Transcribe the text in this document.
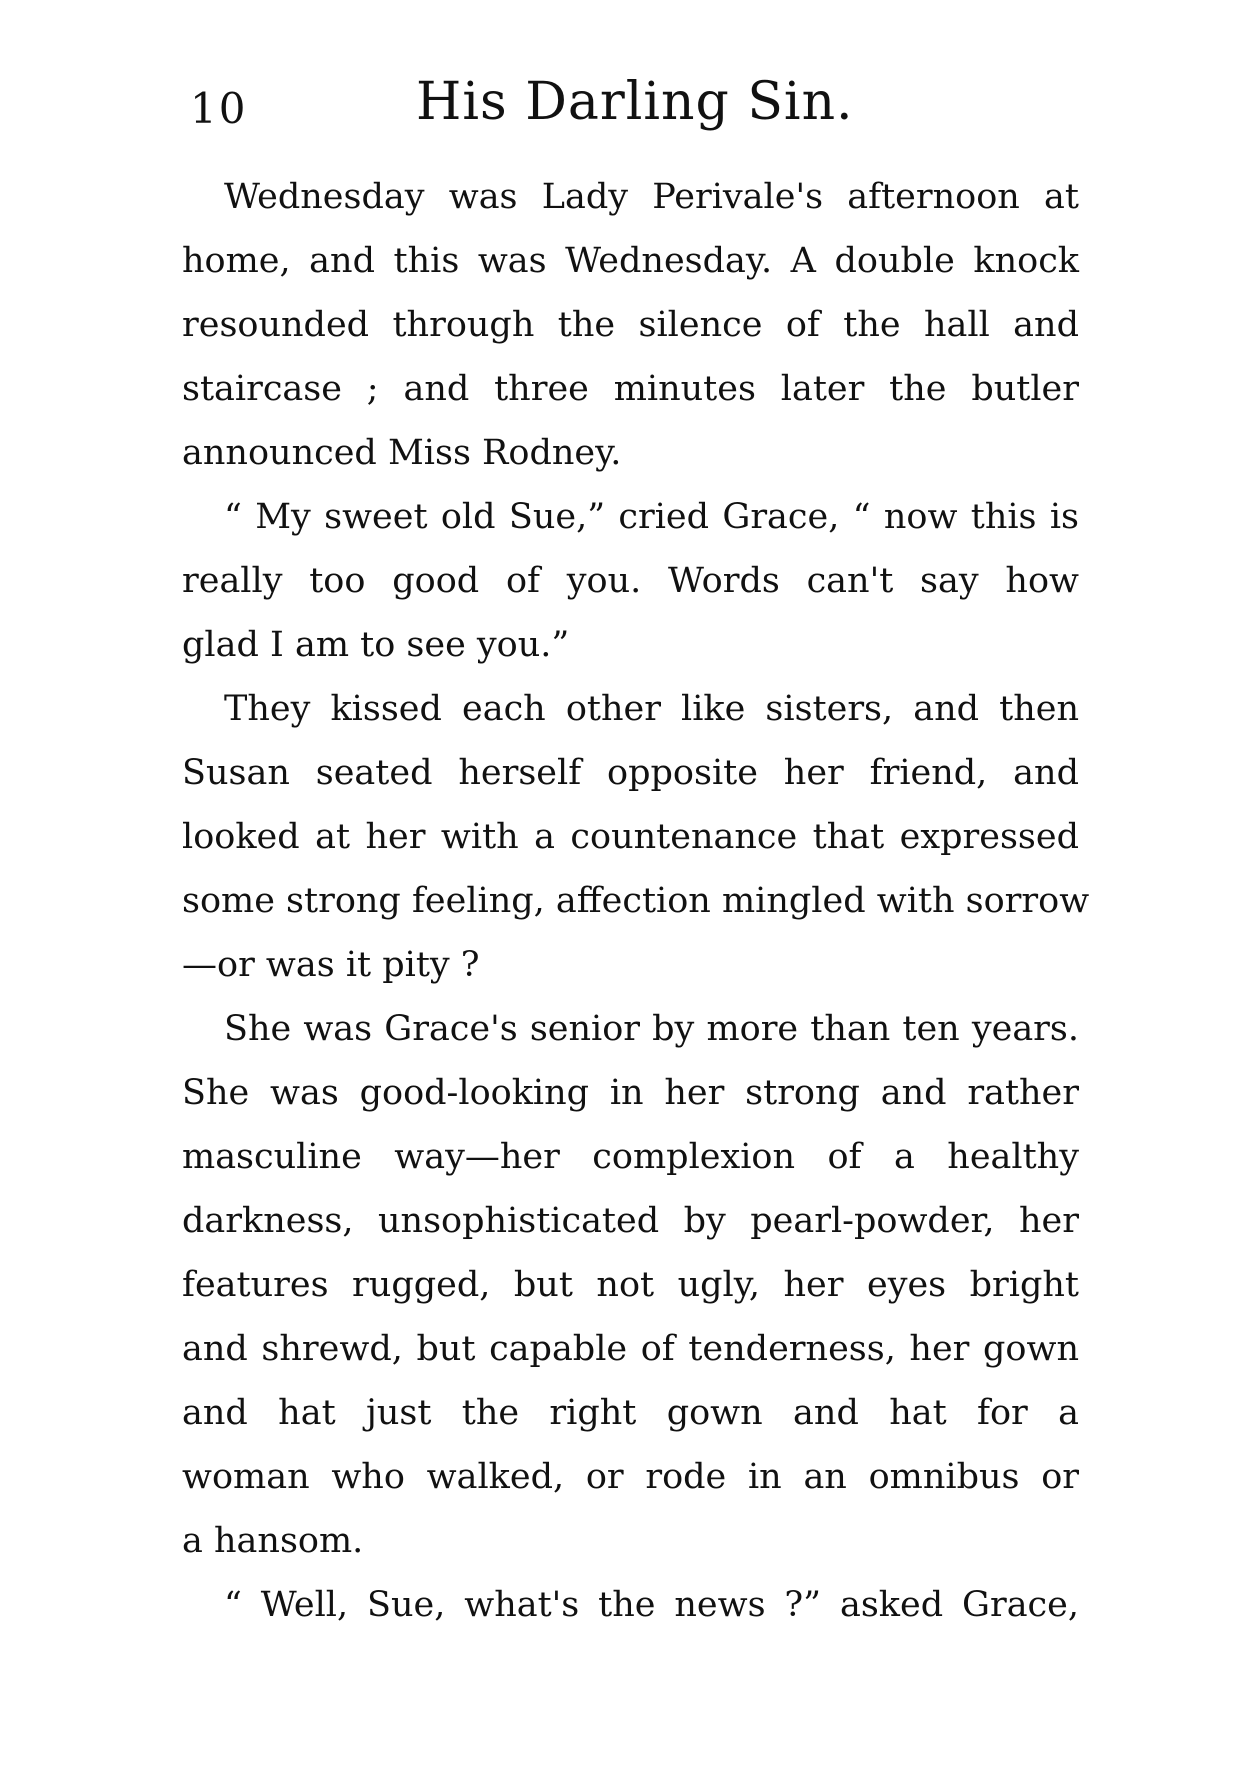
10	His Darling Sin.

Wednesday was Lady Perivale's afternoon at
home, and this was Wednesday. A double knock
resounded through the silence of the hall and
staircase ; and three minutes later the butler
announced Miss Rodney.

“ My sweet old Sue,” cried Grace, “ now this is
really too good of you. Words can't say how
glad I am to see you.”

They kissed each other like sisters, and then
Susan seated herself opposite her friend, and
looked at her with a countenance that expressed
some strong feeling, affection mingled with sorrow
—or was it pity ?

She was Grace's senior by more than ten years.
She was good-looking in her strong and rather
masculine way—her complexion of a healthy
darkness, unsophisticated by pearl-powder, her
features rugged, but not ugly, her eyes bright
and shrewd, but capable of tenderness, her gown
and hat just the right gown and hat for a
woman who walked, or rode in an omnibus or
a hansom.

“ Well, Sue, what's the news ?” asked Grace,
